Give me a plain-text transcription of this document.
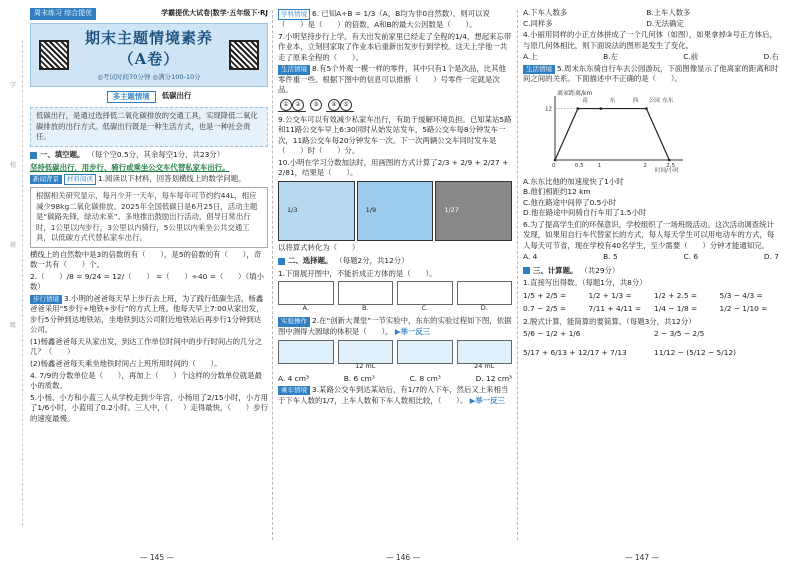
学
校
班
级
周末练习 综合提优	学霸提优大试卷|数学·五年级下·RJ
期末主题情境素养（A卷）
◎考试时间70分钟 ◎满分100-10分
多主题情境	低碳出行
低碳出行，是通过选择低二氧化碳排放的交通工具，实现降低二氧化碳排放的出行方式。低碳出行既是一种生活方式，也是一种社会责任。
一、填空题。 （每个空0.5分，其余每空1分，共23分）
坚持低碳出行，用步行、骑行或乘坐公交车代替私家车出行。
新闻背景 材料阅读 1.阅读以下材料，回答划横线上的数学问题。
根据相关研究显示，每月少开一天车，每车每年可节约约44L，相应减少98kg二氧化碳排放。2025年全国低碳日是6月25日，活动主题是“碳路先锋，绿动未来”。多地推出鼓励出行活动，倡导日常出行时，1公里以内步行，3公里以内骑行，5公里以内乘坐公共交通工具，以低碳方式代替私家车出行。
横线上的自然数中是3的倍数的有（　　），是5的倍数的有（　　），奇数一共有（　　）个。
2.（　　）/8 = 9/24 = 12/（　　） =（　　）÷40 =（　　）（填小数）
步行情境 3.小明的爸爸每天早上步行去上班，为了践行低碳生活，杨鑫爸爸采用“5步行+地铁+步行”的方式上班。他每天早上7:00从家出发，步行5分钟到达地铁站，坐地铁到达公司附近地铁站后再步行1分钟到达公司。
(1)杨鑫爸爸每天从家出发，到达工作单位时间中的步行时间占的几分之几？（　　）
(2)杨鑫爸爸每天乘坐地铁时间占上班所用时间的（　　）。
4. 7/9的分数单位是（　　），再加上（　　）个这样的分数单位就是最小的质数。
5.小杨、小方和小蓝三人从学校走到少年宫，小杨用了2/15小时，小方用了1/6小时，小蓝用了0.2小时。三人中，（　　）走得最快，（　　）步行的速度最慢。
— 145 —
学科情境 6. 已知A÷B = 1/3（A，B均为非0自然数），则可以说（　　）是（　　）的倍数，A和B的最大公因数是（　　）。
7.小明坚持步行上学。有天出发前家里已经走了全程的1/4，想起来忘带作业本，立刻回家取了作业本后重新出发步行到学校。这天上学他一共走了原来全程的（　　）。
生活情境 8.有5个外观一模一样的零件，其中只有1个是次品，比其他零件重一些。根据下图中的信息可以推断（　　）号零件一定就是次品。
① ②	③	④ ⑤
9.公交车可以有效减少私家车出行，有助于缓解环境负担。已知某站5路和11路公交车早上6:30同时从始发站发车，5路公交车每8分钟发车一次，11路公交车每20分钟发车一次。下一次两辆公交车同时发车是（　　）时（　　）分。
10.小明在学习分数加法时，用画图的方式计算了2/3 + 2/9 + 2/27 + 2/81，结果是（　　）。
1/3	1/9	1/27
以将算式转化为（　　）
二、选择题。 （每题2分，共12分）
1.下面展开图中，不能折成正方体的是（　　）。
A.	B.	C.	D.
实验操作 2.在“创新大课堂”一节实验中，东东的实验过程如下图，依据图中测得大圆球的体积是（　　）。 ▶举一反三
12 mL	24 mL
A. 4 cm³	B. 6 cm³	C. 8 cm³	D. 12 cm³
乘车情境 3.某路公交车到达某站后，有1/7的人下车，然后又上来相当于下车人数的1/7，上车人数和下车人数相比较，（　　）。 ▶举一反三
— 146 —
A.下车人数多	B.上车人数多
C.同样多	D.无法确定
4.小丽用同样的小正方体拼成了一个几何体（如图），如果拿掉③号正方体后，与原几何体相比，则下面说法的图形是发生了变化。
A.上	B.左	C.前	D.右
生活情境 5.周末东东骑自行车去公园游玩，下面图像显示了他离家的距离和时间之间的关系。下面描述中不正确的是（　　）。
离家距离/km
时间/小时
0	0.5	1	2	2.5
12
南	东	西 公园 东东
A.东东比他的加速度快了1小时
B.他们相距约12 km
C.他在路途中间停了0.5小时
D.他在路途中间骑自行车用了1.5小时
6.为了提高学生们的环保意识，学校组织了一场班级活动。这次活动调查统计发现，如果用自行车代替家长的方式，每人每天学生可以用电动车的方式，每人每天可节省，现在学校有40名学生，至少需要（　　）分钟才能通知完。
A. 4	B. 5	C. 6	D. 7
三、计算题。 （共29分）
1.直接写出得数。（每题1分，共8分）
1/5 + 2/5 =	1/2 + 1/3 =	1/2 + 2.5 =	5/3 − 4/3 =
0.7 − 2/5 =	7/11 + 4/11 =	1/4 − 1/8 =	1/2 − 1/10 =
2.脱式计算，能简算的要简算。（每题3分，共12分）
5/6 − 1/2 + 1/6	2 − 3/5 − 2/5
5/17 + 6/13 + 12/17 + 7/13	11/12 − (5/12 − 5/12)
— 147 —
